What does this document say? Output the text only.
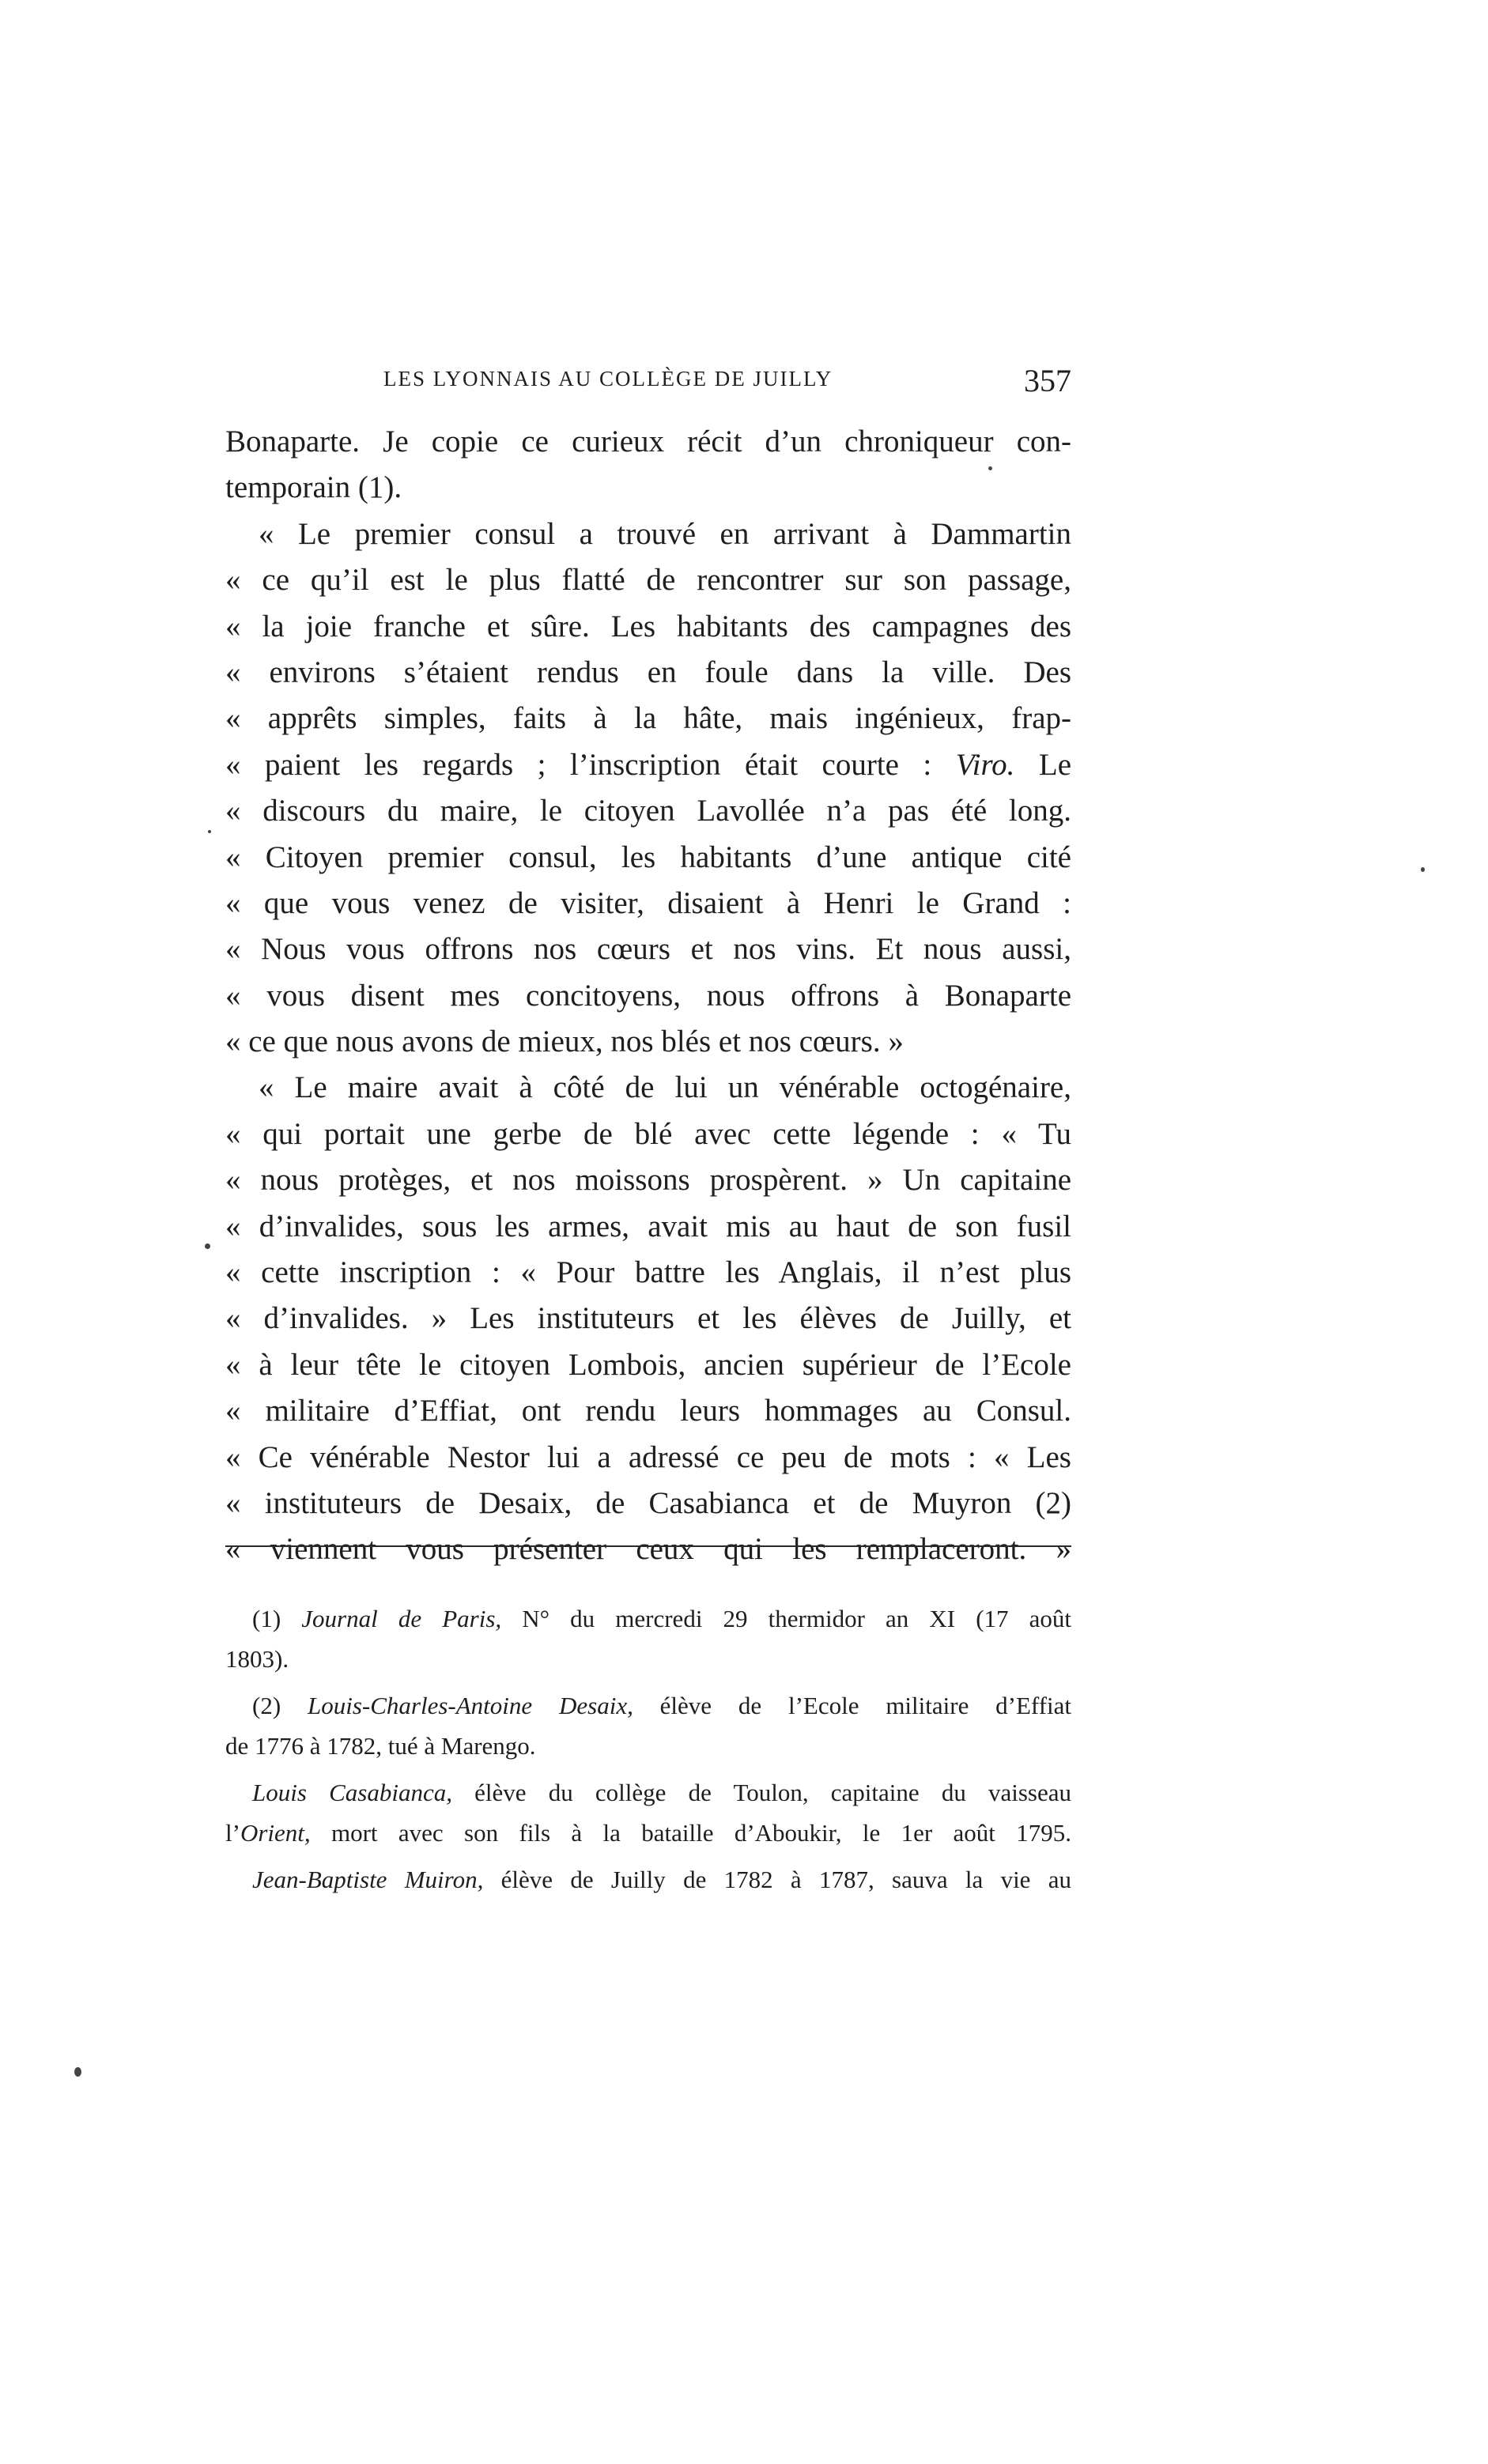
LES LYONNAIS AU COLLÈGE DE JUILLY	357
Bonaparte. Je copie ce curieux récit d’un chroniqueur con-
temporain (1).
« Le premier consul a trouvé en arrivant à Dammartin
« ce qu’il est le plus flatté de rencontrer sur son passage,
« la joie franche et sûre. Les habitants des campagnes des
« environs s’étaient rendus en foule dans la ville. Des
« apprêts simples, faits à la hâte, mais ingénieux, frap-
« paient les regards ; l’inscription était courte : Viro. Le
« discours du maire, le citoyen Lavollée n’a pas été long.
« Citoyen premier consul, les habitants d’une antique cité
« que vous venez de visiter, disaient à Henri le Grand :
« Nous vous offrons nos cœurs et nos vins. Et nous aussi,
« vous disent mes concitoyens, nous offrons à Bonaparte
« ce que nous avons de mieux, nos blés et nos cœurs. »
« Le maire avait à côté de lui un vénérable octogénaire,
« qui portait une gerbe de blé avec cette légende : « Tu
« nous protèges, et nos moissons prospèrent. » Un capitaine
« d’invalides, sous les armes, avait mis au haut de son fusil
« cette inscription : « Pour battre les Anglais, il n’est plus
« d’invalides. » Les instituteurs et les élèves de Juilly, et
« à leur tête le citoyen Lombois, ancien supérieur de l’Ecole
« militaire d’Effiat, ont rendu leurs hommages au Consul.
« Ce vénérable Nestor lui a adressé ce peu de mots : « Les
« instituteurs de Desaix, de Casabianca et de Muyron (2)
« viennent vous présenter ceux qui les remplaceront. »
(1) Journal de Paris, N° du mercredi 29 thermidor an XI (17 août
1803).
(2) Louis-Charles-Antoine Desaix, élève de l’Ecole militaire d’Effiat
de 1776 à 1782, tué à Marengo.
Louis Casabianca, élève du collège de Toulon, capitaine du vaisseau
l’Orient, mort avec son fils à la bataille d’Aboukir, le 1er août 1795.
Jean-Baptiste Muiron, élève de Juilly de 1782 à 1787, sauva la vie au
